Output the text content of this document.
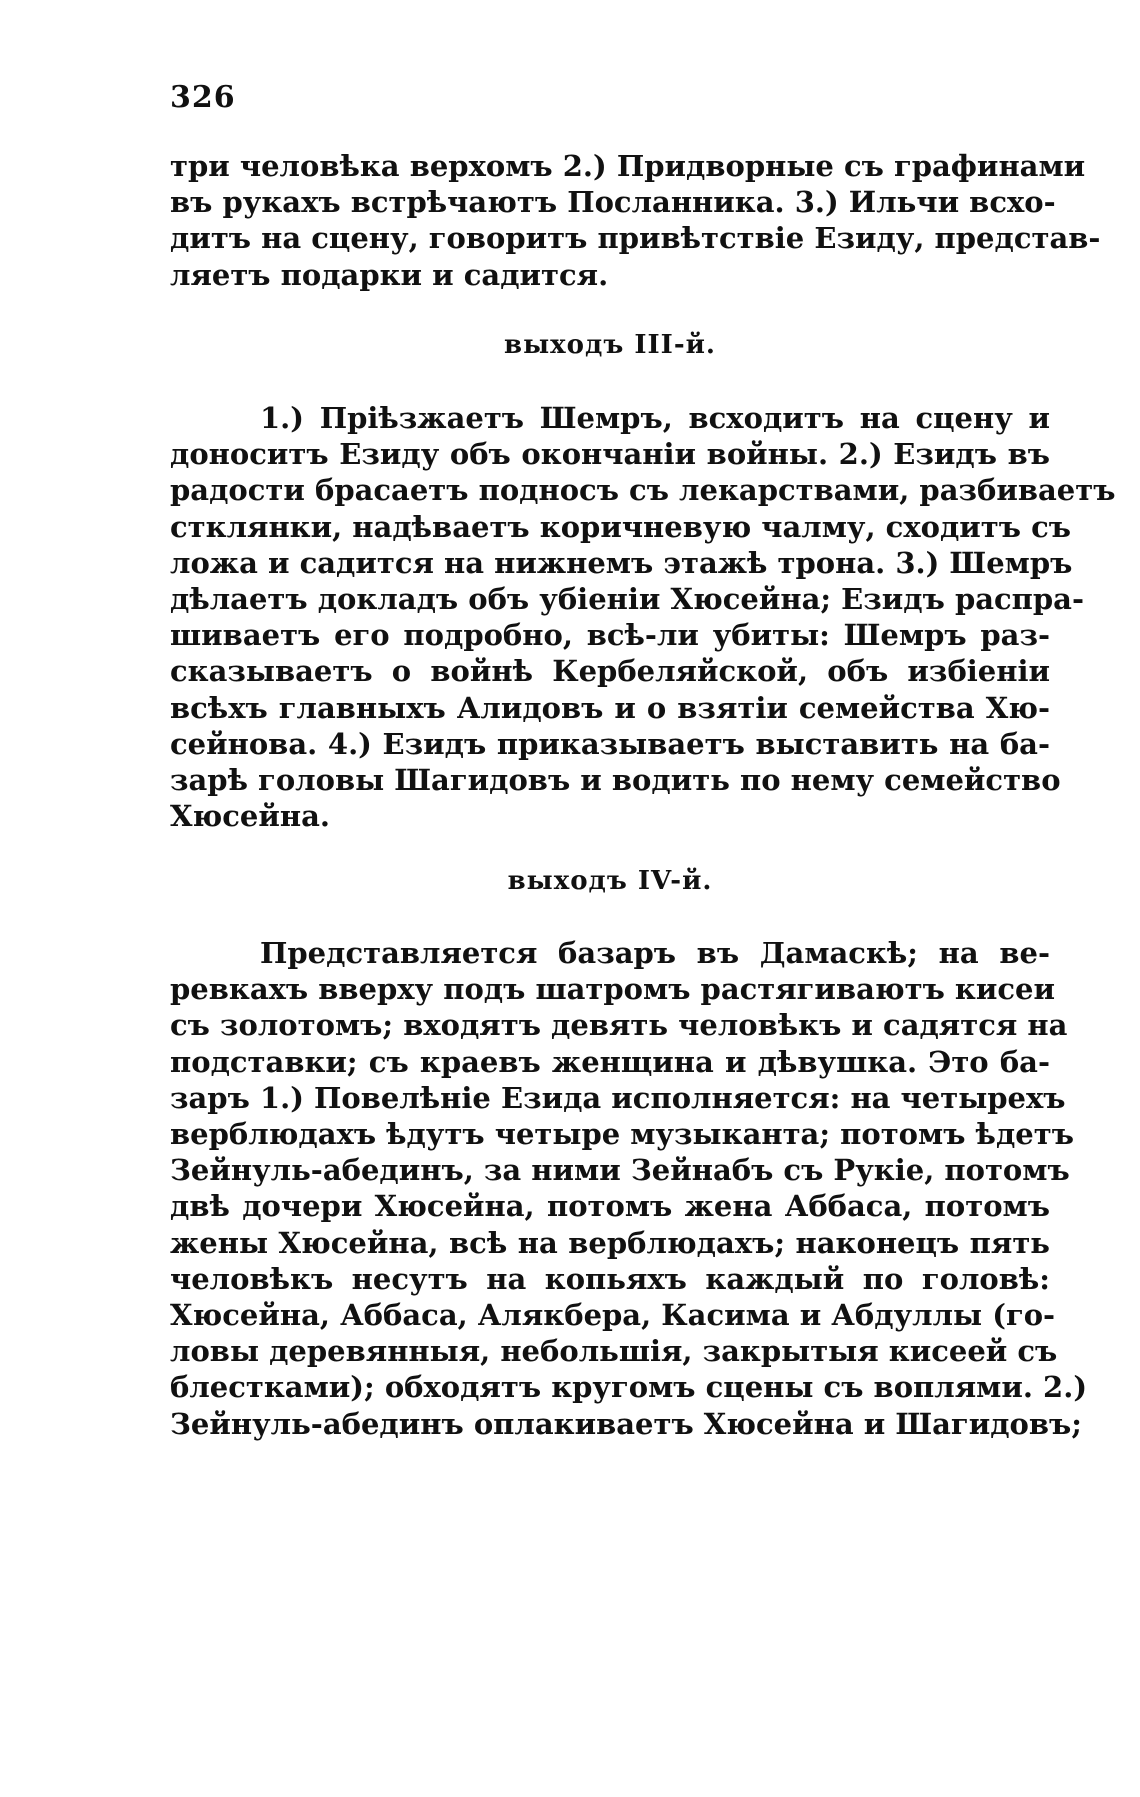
326
три человѣка верхомъ 2.) Придворные съ графинами
въ рукахъ встрѣчаютъ Посланника. 3.) Ильчи всхо-
дитъ на сцену, говоритъ привѣтствіе Езиду, представ-
ляетъ подарки и садится.
выходъ III-й.
1.) Пріѣзжаетъ Шемръ, всходитъ на сцену и
доноситъ Езиду объ окончаніи войны. 2.) Езидъ въ
радости брасаетъ подносъ съ лекарствами, разбиваетъ
стклянки, надѣваетъ коричневую чалму, сходитъ съ
ложа и садится на нижнемъ этажѣ трона. 3.) Шемръ
дѣлаетъ докладъ объ убіеніи Хюсейна; Езидъ распра-
шиваетъ его подробно, всѣ-ли убиты: Шемръ раз-
сказываетъ о войнѣ Кербеляйской, объ избіеніи
всѣхъ главныхъ Алидовъ и о взятіи семейства Хю-
сейнова. 4.) Езидъ приказываетъ выставить на ба-
зарѣ головы Шагидовъ и водить по нему семейство
Хюсейна.
выходъ IV-й.
Представляется базаръ въ Дамаскѣ; на ве-
ревкахъ вверху подъ шатромъ растягиваютъ кисеи
съ золотомъ; входятъ девять человѣкъ и садятся на
подставки; съ краевъ женщина и дѣвушка. Это ба-
заръ 1.) Повелѣніе Езида исполняется: на четырехъ
верблюдахъ ѣдутъ четыре музыканта; потомъ ѣдетъ
Зейнуль-абединъ, за ними Зейнабъ съ Рукіе, потомъ
двѣ дочери Хюсейна, потомъ жена Аббаса, потомъ
жены Хюсейна, всѣ на верблюдахъ; наконецъ пять
человѣкъ несутъ на копьяхъ каждый по головѣ:
Хюсейна, Аббаса, Алякбера, Касима и Абдуллы (го-
ловы деревянныя, небольшія, закрытыя кисеей съ
блестками); обходятъ кругомъ сцены съ воплями. 2.)
Зейнуль-абединъ оплакиваетъ Хюсейна и Шагидовъ;
